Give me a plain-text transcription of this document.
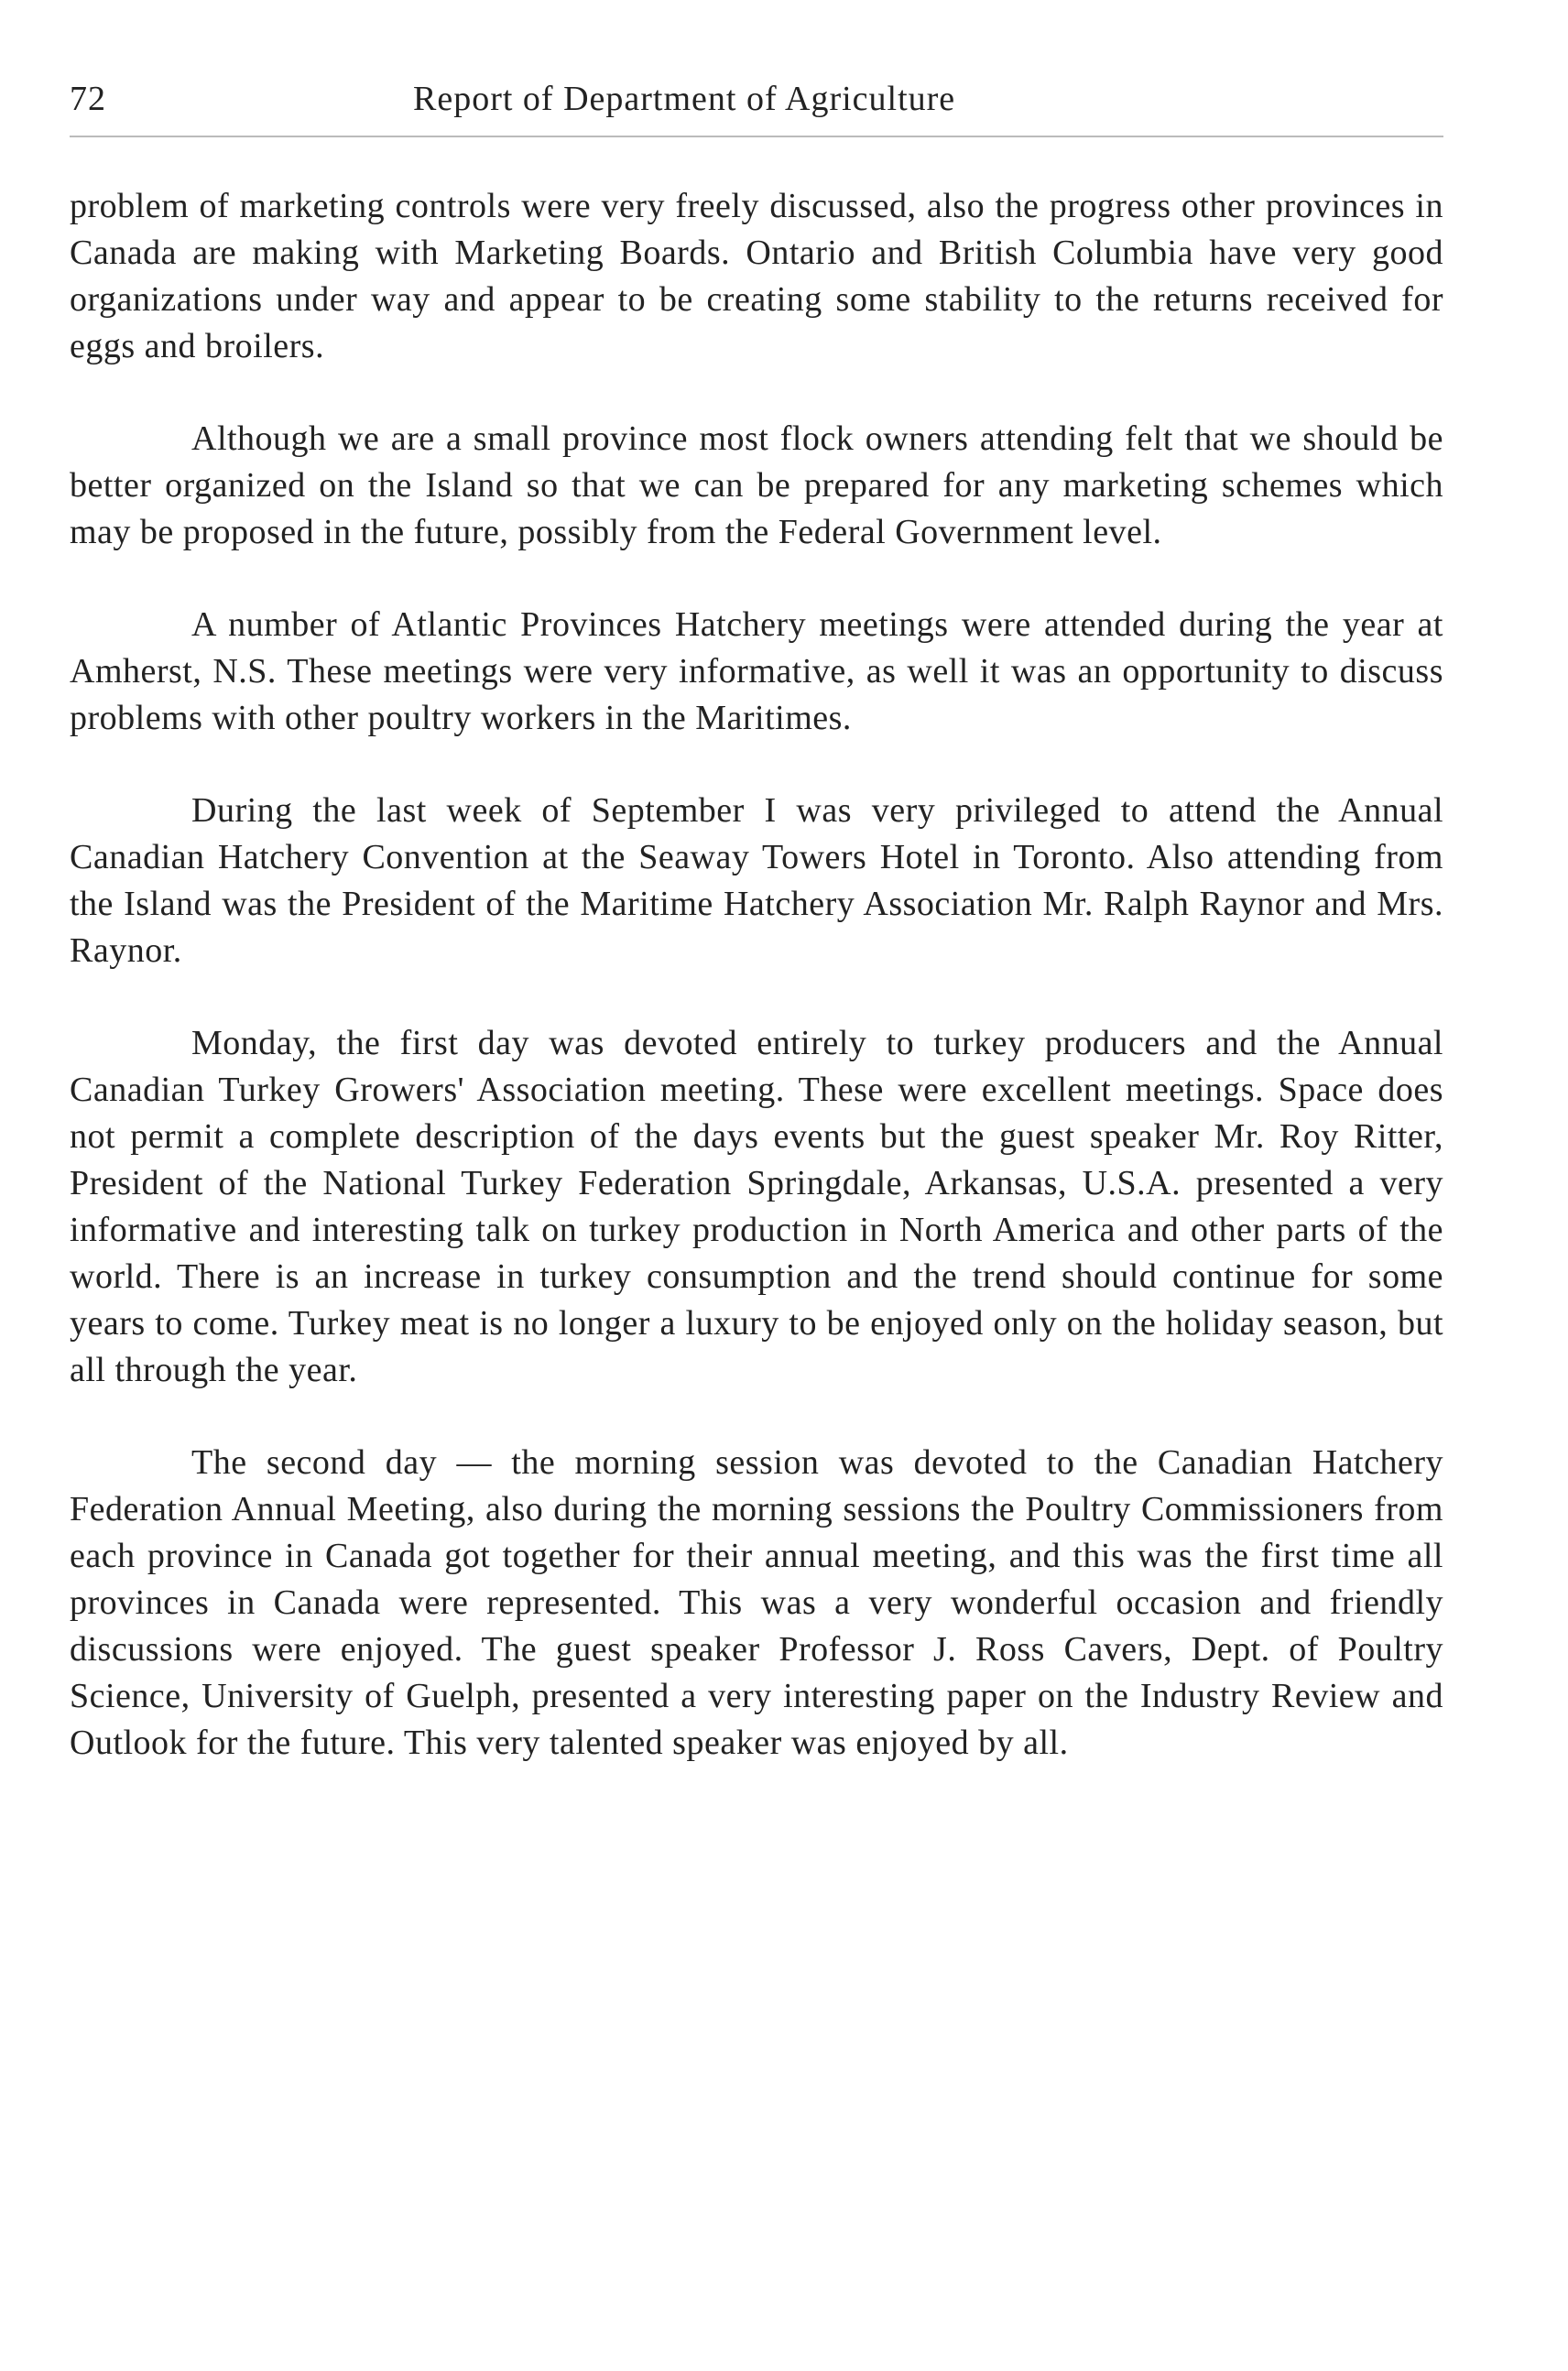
72	Report of Department of Agriculture

problem of marketing controls were very freely discussed, also the progress other provinces in Canada are making with Marketing Boards. Ontario and British Columbia have very good organizations under way and appear to be creating some stability to the returns received for eggs and broilers.

Although we are a small province most flock owners attending felt that we should be better organized on the Island so that we can be prepared for any marketing schemes which may be proposed in the future, possibly from the Federal Government level.

A number of Atlantic Provinces Hatchery meetings were attended during the year at Amherst, N.S. These meetings were very informative, as well it was an opportunity to discuss problems with other poultry workers in the Maritimes.

During the last week of September I was very privileged to attend the Annual Canadian Hatchery Convention at the Seaway Towers Hotel in Toronto. Also attending from the Island was the President of the Maritime Hatchery Association Mr. Ralph Raynor and Mrs. Raynor.

Monday, the first day was devoted entirely to turkey producers and the Annual Canadian Turkey Growers' Association meeting. These were excellent meetings. Space does not permit a complete description of the days events but the guest speaker Mr. Roy Ritter, President of the National Turkey Federation Springdale, Arkansas, U.S.A. presented a very informative and interesting talk on turkey production in North America and other parts of the world. There is an increase in turkey consumption and the trend should continue for some years to come. Turkey meat is no longer a luxury to be enjoyed only on the holiday season, but all through the year.

The second day — the morning session was devoted to the Canadian Hatchery Federation Annual Meeting, also during the morning sessions the Poultry Commissioners from each province in Canada got together for their annual meeting, and this was the first time all provinces in Canada were represented. This was a very wonderful occasion and friendly discussions were enjoyed. The guest speaker Professor J. Ross Cavers, Dept. of Poultry Science, University of Guelph, presented a very interesting paper on the Industry Review and Outlook for the future. This very talented speaker was enjoyed by all.
